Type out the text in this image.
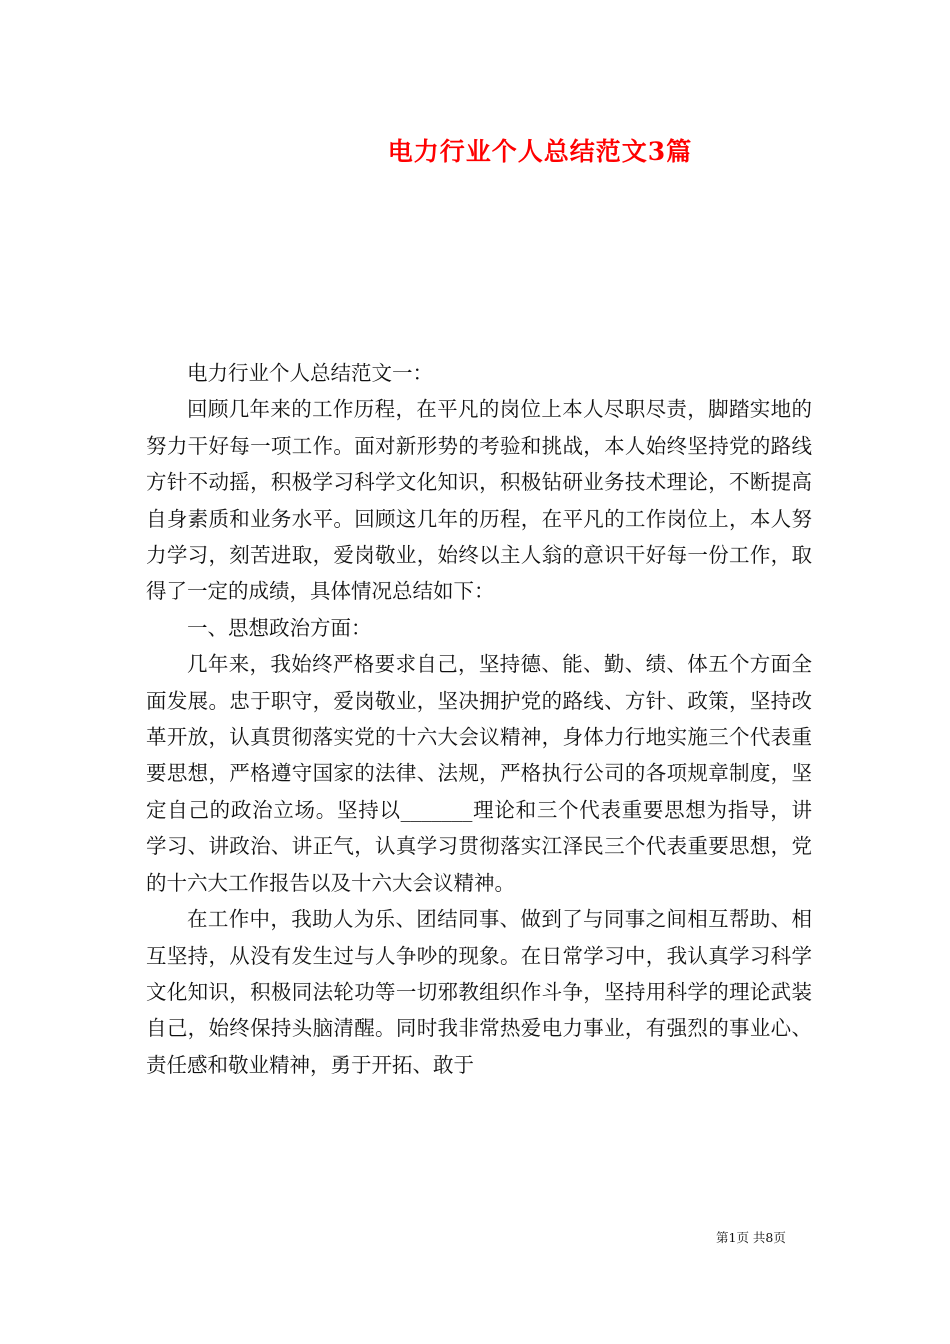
电力行业个人总结范文3篇

电力行业个人总结范文一：

回顾几年来的工作历程，在平凡的岗位上本人尽职尽责，脚踏实地的努力干好每一项工作。面对新形势的考验和挑战，本人始终坚持党的路线方针不动摇，积极学习科学文化知识，积极钻研业务技术理论，不断提高自身素质和业务水平。回顾这几年的历程，在平凡的工作岗位上，本人努力学习，刻苦进取，爱岗敬业，始终以主人翁的意识干好每一份工作，取得了一定的成绩，具体情况总结如下：

一、思想政治方面：

几年来，我始终严格要求自己，坚持德、能、勤、绩、体五个方面全面发展。忠于职守，爱岗敬业，坚决拥护党的路线、方针、政策，坚持改革开放，认真贯彻落实党的十六大会议精神，身体力行地实施三个代表重要思想，严格遵守国家的法律、法规，严格执行公司的各项规章制度，坚定自己的政治立场。坚持以_______理论和三个代表重要思想为指导，讲学习、讲政治、讲正气，认真学习贯彻落实江泽民三个代表重要思想，党的十六大工作报告以及十六大会议精神。

在工作中，我助人为乐、团结同事、做到了与同事之间相互帮助、相互坚持，从没有发生过与人争吵的现象。在日常学习中，我认真学习科学文化知识，积极同法轮功等一切邪教组织作斗争，坚持用科学的理论武装自己，始终保持头脑清醒。同时我非常热爱电力事业，有强烈的事业心、责任感和敬业精神，勇于开拓、敢于

第1页 共8页
